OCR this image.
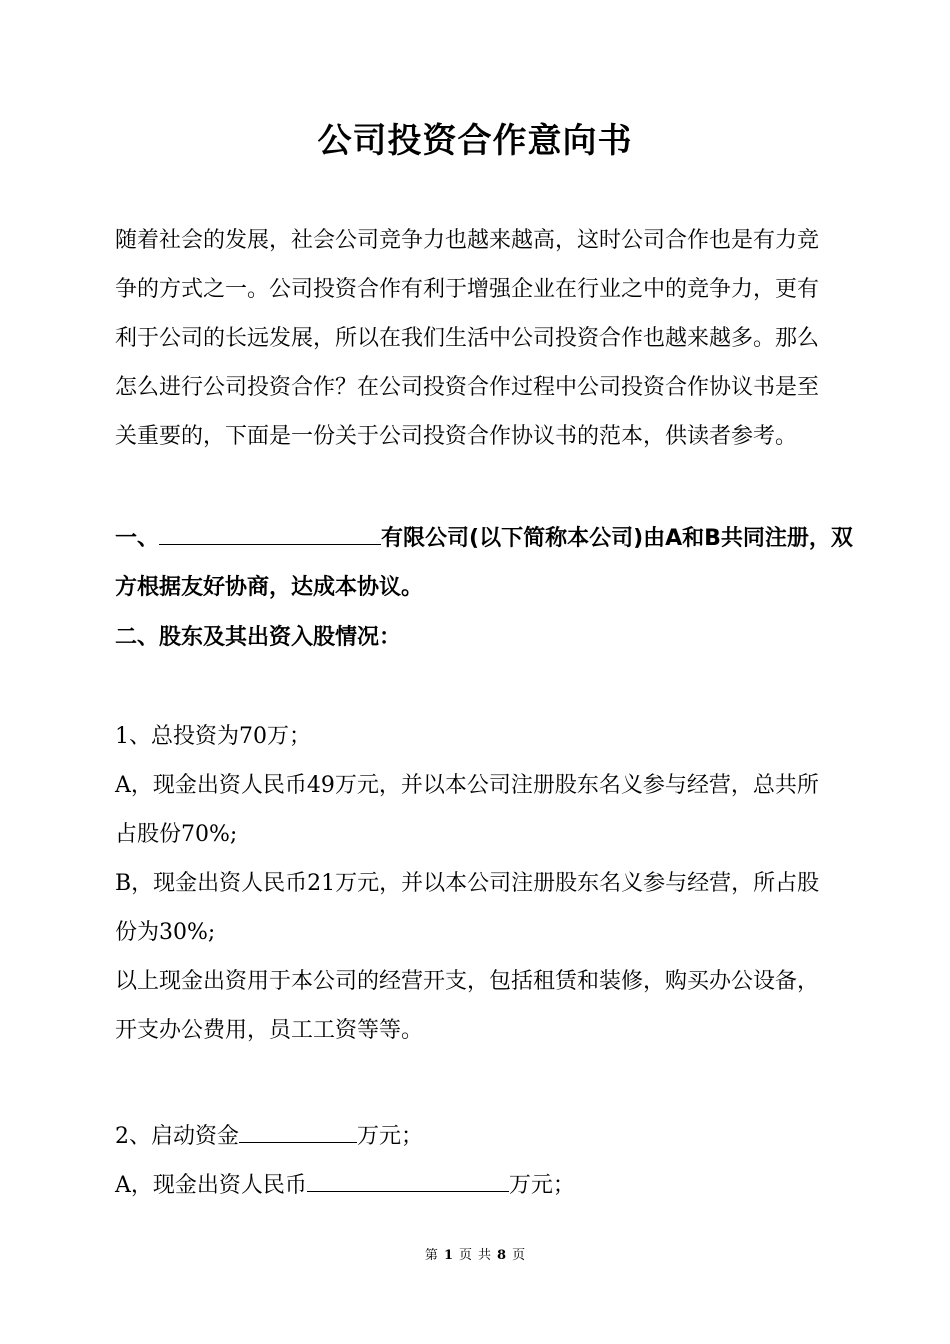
公司投资合作意向书
随着社会的发展，社会公司竞争力也越来越高，这时公司合作也是有力竞
争的方式之一。公司投资合作有利于增强企业在行业之中的竞争力，更有
利于公司的长远发展，所以在我们生活中公司投资合作也越来越多。那么
怎么进行公司投资合作？在公司投资合作过程中公司投资合作协议书是至
关重要的，下面是一份关于公司投资合作协议书的范本，供读者参考。
一、	有限公司(以下简称本公司)由A和B共同注册，双
方根据友好协商，达成本协议。
二、股东及其出资入股情况：
1、总投资为70万；
A，现金出资人民币49万元，并以本公司注册股东名义参与经营，总共所
占股份70%;
B，现金出资人民币21万元，并以本公司注册股东名义参与经营，所占股
份为30%;
以上现金出资用于本公司的经营开支，包括租赁和装修，购买办公设备，
开支办公费用，员工工资等等。
2、启动资金	万元；
A，现金出资人民币	万元；
第 1 页 共 8 页
